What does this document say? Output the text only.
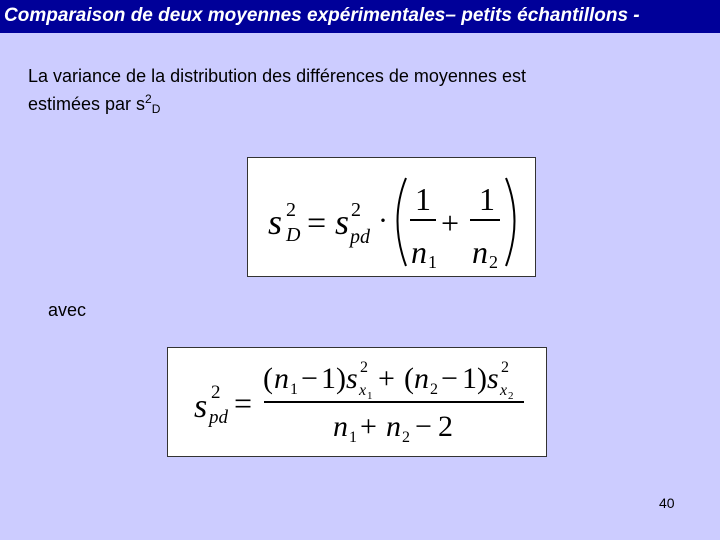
Comparaison de deux moyennes expérimentales– petits échantillons -
La variance de la distribution des différences de moyennes est
estimées par $s^2_D$
s 2
D = s 2
pd ·
1
n 1
+
1
n 2
avec
s 2
pd =
( n 1 − 1 ) s 2
x 1
+ ( n 2 − 1 ) s 2
x 2
n 1 + n 2 − 2
40
